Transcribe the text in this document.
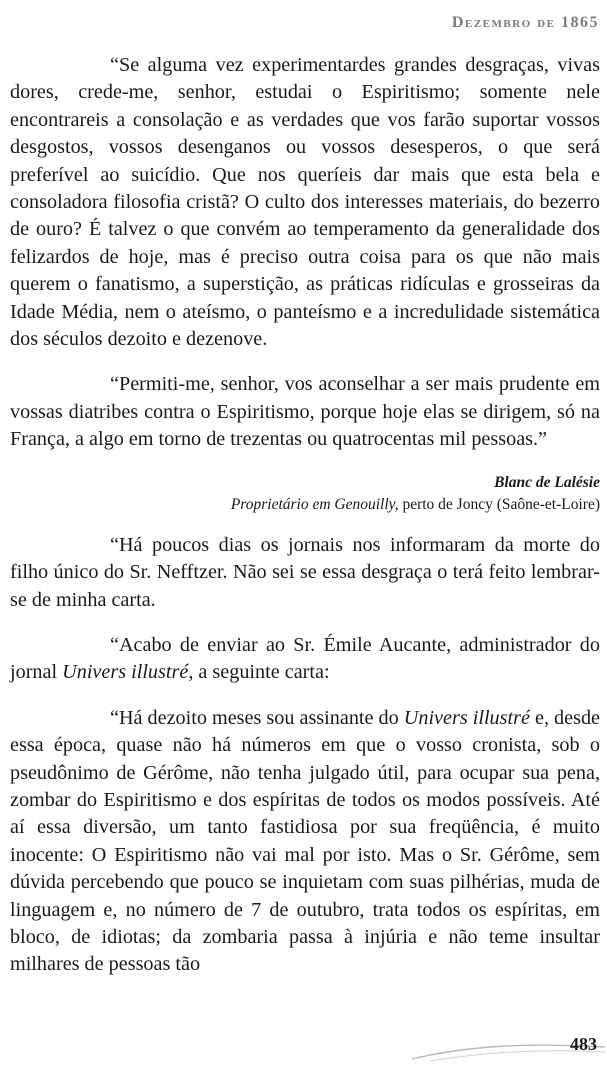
Dezembro de 1865

“Se alguma vez experimentardes grandes desgraças, vivas dores, crede-me, senhor, estudai o Espiritismo; somente nele encontrareis a consolação e as verdades que vos farão suportar vossos desgostos, vossos desenganos ou vossos desesperos, o que será preferível ao suicídio. Que nos queríeis dar mais que esta bela e consoladora filosofia cristã? O culto dos interesses materiais, do bezerro de ouro? É talvez o que convém ao temperamento da generalidade dos felizardos de hoje, mas é preciso outra coisa para os que não mais querem o fanatismo, a superstição, as práticas ridículas e grosseiras da Idade Média, nem o ateísmo, o panteísmo e a incredulidade sistemática dos séculos dezoito e dezenove.

“Permiti-me, senhor, vos aconselhar a ser mais prudente em vossas diatribes contra o Espiritismo, porque hoje elas se dirigem, só na França, a algo em torno de trezentas ou quatrocentas mil pessoas.”

Blanc de Lalésie
Proprietário em Genouilly, perto de Joncy (Saône-et-Loire)

“Há poucos dias os jornais nos informaram da morte do filho único do Sr. Nefftzer. Não sei se essa desgraça o terá feito lembrar-se de minha carta.

“Acabo de enviar ao Sr. Émile Aucante, administrador do jornal Univers illustré, a seguinte carta:

“Há dezoito meses sou assinante do Univers illustré e, desde essa época, quase não há números em que o vosso cronista, sob o pseudônimo de Gérôme, não tenha julgado útil, para ocupar sua pena, zombar do Espiritismo e dos espíritas de todos os modos possíveis. Até aí essa diversão, um tanto fastidiosa por sua freqüência, é muito inocente: O Espiritismo não vai mal por isto. Mas o Sr. Gérôme, sem dúvida percebendo que pouco se inquietam com suas pilhérias, muda de linguagem e, no número de 7 de outubro, trata todos os espíritas, em bloco, de idiotas; da zombaria passa à injúria e não teme insultar milhares de pessoas tão

483
